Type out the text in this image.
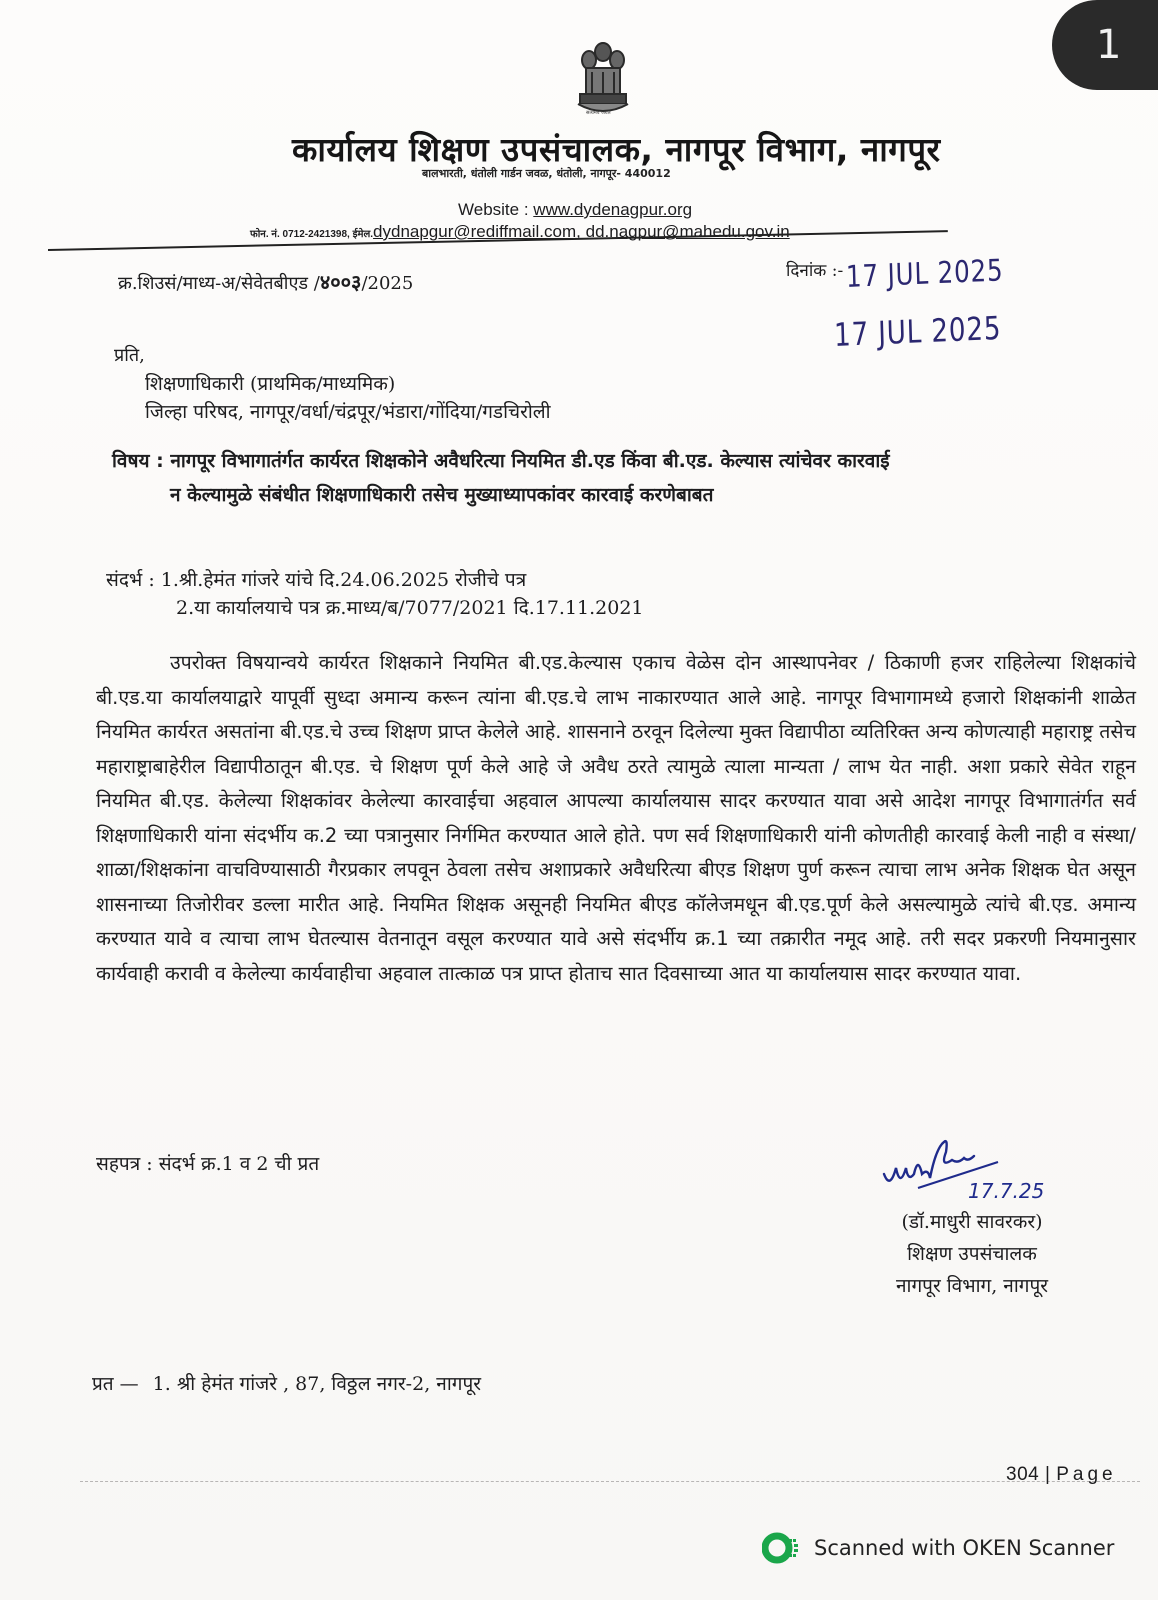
1
सत्यमेव जयते
कार्यालय शिक्षण उपसंचालक, नागपूर विभाग, नागपूर
बालभारती, धंतोली गार्डन जवळ, धंतोली, नागपूर- 440012
Website : www.dydenagpur.org
फोन. नं. 0712-2421398, ईमेल.dydnapgur@rediffmail.com, dd.nagpur@mahedu.gov.in
क्र.शिउसं/माध्य-अ/सेवेतबीएड /४००३/2025
दिनांक :- 17 JUL 2025
17 JUL 2025
प्रति,
शिक्षणाधिकारी (प्राथमिक/माध्यमिक)
जिल्हा परिषद, नागपूर/वर्धा/चंद्रपूर/भंडारा/गोंदिया/गडचिरोली
विषय : नागपूर विभागातंर्गत कार्यरत शिक्षकोने अवैधरित्या नियमित डी.एड किंवा बी.एड. केल्यास त्यांचेवर कारवाई
न केल्यामुळे संबंधीत शिक्षणाधिकारी तसेच मुख्याध्यापकांवर कारवाई करणेबाबत
संदर्भ : 1.श्री.हेमंत गांजरे यांचे दि.24.06.2025 रोजीचे पत्र
2.या कार्यालयाचे पत्र क्र.माध्य/ब/7077/2021 दि.17.11.2021
उपरोक्त विषयान्वये कार्यरत शिक्षकाने नियमित बी.एड.केल्यास एकाच वेळेस दोन आस्थापनेवर / ठिकाणी हजर राहिलेल्या शिक्षकांचे बी.एड.या कार्यालयाद्वारे यापूर्वी सुध्दा अमान्य करून त्यांना बी.एड.चे लाभ नाकारण्यात आले आहे. नागपूर विभागामध्ये हजारो शिक्षकांनी शाळेत नियमित कार्यरत असतांना बी.एड.चे उच्च शिक्षण प्राप्त केलेले आहे. शासनाने ठरवून दिलेल्या मुक्त विद्यापीठा व्यतिरिक्त अन्य कोणत्याही महाराष्ट्र तसेच महाराष्ट्राबाहेरील विद्यापीठातून बी.एड. चे शिक्षण पूर्ण केले आहे जे अवैध ठरते त्यामुळे त्याला मान्यता / लाभ येत नाही. अशा प्रकारे सेवेत राहून नियमित बी.एड. केलेल्या शिक्षकांवर केलेल्या कारवाईचा अहवाल आपल्या कार्यालयास सादर करण्यात यावा असे आदेश नागपूर विभागातंर्गत सर्व शिक्षणाधिकारी यांना संदर्भीय क.2 च्या पत्रानुसार निर्गमित करण्यात आले होते. पण सर्व शिक्षणाधिकारी यांनी कोणतीही कारवाई केली नाही व संस्था/शाळा/शिक्षकांना वाचविण्यासाठी गैरप्रकार लपवून ठेवला तसेच अशाप्रकारे अवैधरित्या बीएड शिक्षण पुर्ण करून त्याचा लाभ अनेक शिक्षक घेत असून शासनाच्या तिजोरीवर डल्ला मारीत आहे. नियमित शिक्षक असूनही नियमित बीएड कॉलेजमधून बी.एड.पूर्ण केले असल्यामुळे त्यांचे बी.एड. अमान्य करण्यात यावे व त्याचा लाभ घेतल्यास वेतनातून वसूल करण्यात यावे असे संदर्भीय क्र.1 च्या तक्रारीत नमूद आहे. तरी सदर प्रकरणी नियमानुसार कार्यवाही करावी व केलेल्या कार्यवाहीचा अहवाल तात्काळ पत्र प्राप्त होताच सात दिवसाच्या आत या कार्यालयास सादर करण्यात यावा.
सहपत्र : संदर्भ क्र.1 व 2 ची प्रत
17.7.25
(डॉ.माधुरी सावरकर)
शिक्षण उपसंचालक
नागपूर विभाग, नागपूर
प्रत — 1. श्री हेमंत गांजरे , 87, विठ्ठल नगर-2, नागपूर
304 | Page
Scanned with OKEN Scanner
